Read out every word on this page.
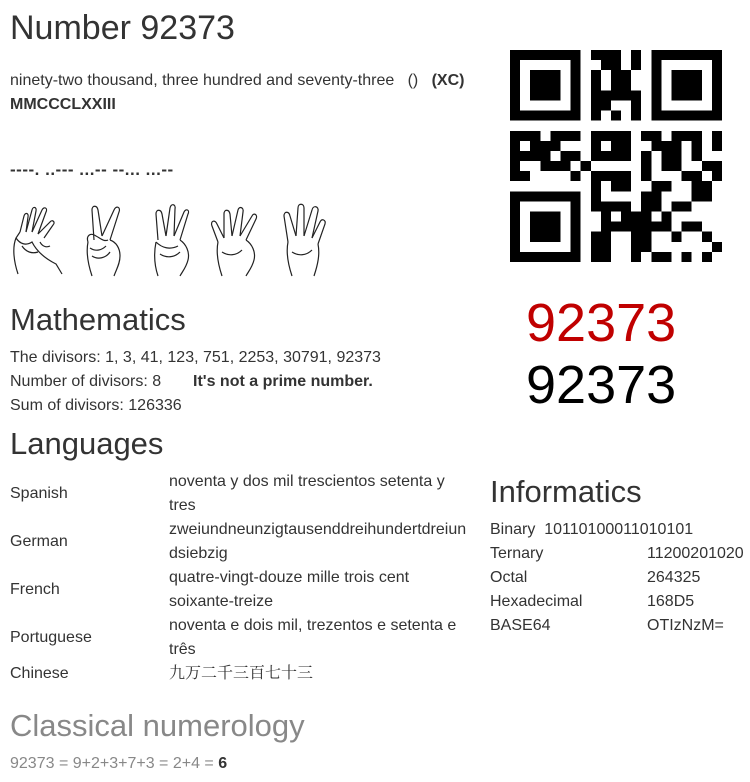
Number 92373
ninety-two thousand, three hundred and seventy-three () (XC)
MMCCCLXXIII
----. ..--- ...-- --... ...--
92373
92373
Mathematics
The divisors: 1, 3, 41, 123, 751, 2253, 30791, 92373
Number of divisors: 8 It's not a prime number.
Sum of divisors: 126336
Languages
Spanish	noventa y dos mil trescientos setenta y
tres

German	zweiundneunzigtausenddreihundertdreiun
dsiebzig

French	quatre-vingt-douze mille trois cent
soixante-treize

Portuguese	noventa e dois mil, trezentos e setenta e
três

Chinese	九万二千三百七十三
Informatics
Binary 10110100011010101
Ternary	11200201020
Octal	264325
Hexadecimal	168D5
BASE64	OTIzNzM=
Classical numerology
92373 = 9+2+3+7+3 = 2+4 = 6
